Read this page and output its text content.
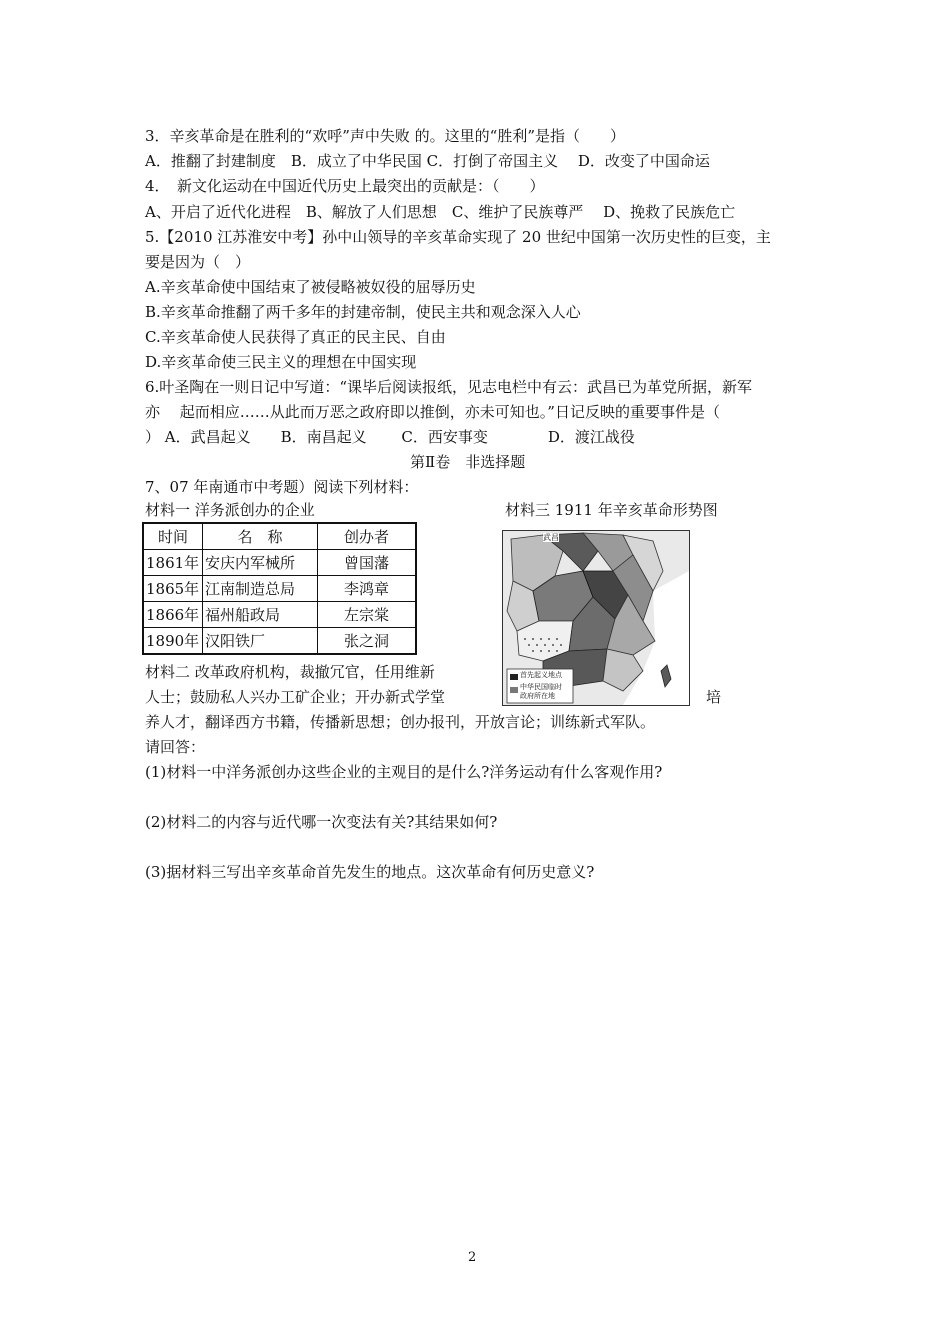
3．辛亥革命是在胜利的“欢呼”声中失败 的。这里的“胜利”是指（　　）
A．推翻了封建制度　B．成立了中华民国 C．打倒了帝国主义　 D．改变了中国命运
4．　新文化运动在中国近代历史上最突出的贡献是：（　　）
A、开启了近代化进程　B、解放了人们思想　C、维护了民族尊严　 D、挽救了民族危亡
5.【2010 江苏淮安中考】孙中山领导的辛亥革命实现了 20 世纪中国第一次历史性的巨变，主
要是因为（　）
A.辛亥革命使中国结束了被侵略被奴役的屈辱历史
B.辛亥革命推翻了两千多年的封建帝制，使民主共和观念深入人心
C.辛亥革命使人民获得了真正的民主民、自由
D.辛亥革命使三民主义的理想在中国实现
6.叶圣陶在一则日记中写道：“课毕后阅读报纸，见志电栏中有云：武昌已为革党所据，新军
亦　 起而相应……从此而万恶之政府即以推倒，亦未可知也。”日记反映的重要事件是（
） A．武昌起义　　B．南昌起义　　 C．西安事变　　　　D．渡江战役
第Ⅱ卷　非选择题
7、07 年南通市中考题）阅读下列材料：
材料一 洋务派创办的企业	材料三 1911 年辛亥革命形势图
时间	名　称	创办者
1861年	安庆内军械所	曾国藩
1865年	江南制造总局	李鸿章
1866年	福州船政局	左宗棠
1890年	汉阳铁厂	张之洞
武昌
首先起义地点
中华民国临时
政府所在地
材料二 改革政府机构，裁撤冗官，任用维新
人士；鼓励私人兴办工矿企业；开办新式学堂	培
养人才，翻译西方书籍，传播新思想；创办报刊，开放言论；训练新式军队。
请回答：
(1)材料一中洋务派创办这些企业的主观目的是什么?洋务运动有什么客观作用?
(2)材料二的内容与近代哪一次变法有关?其结果如何?
(3)据材料三写出辛亥革命首先发生的地点。这次革命有何历史意义?
2
